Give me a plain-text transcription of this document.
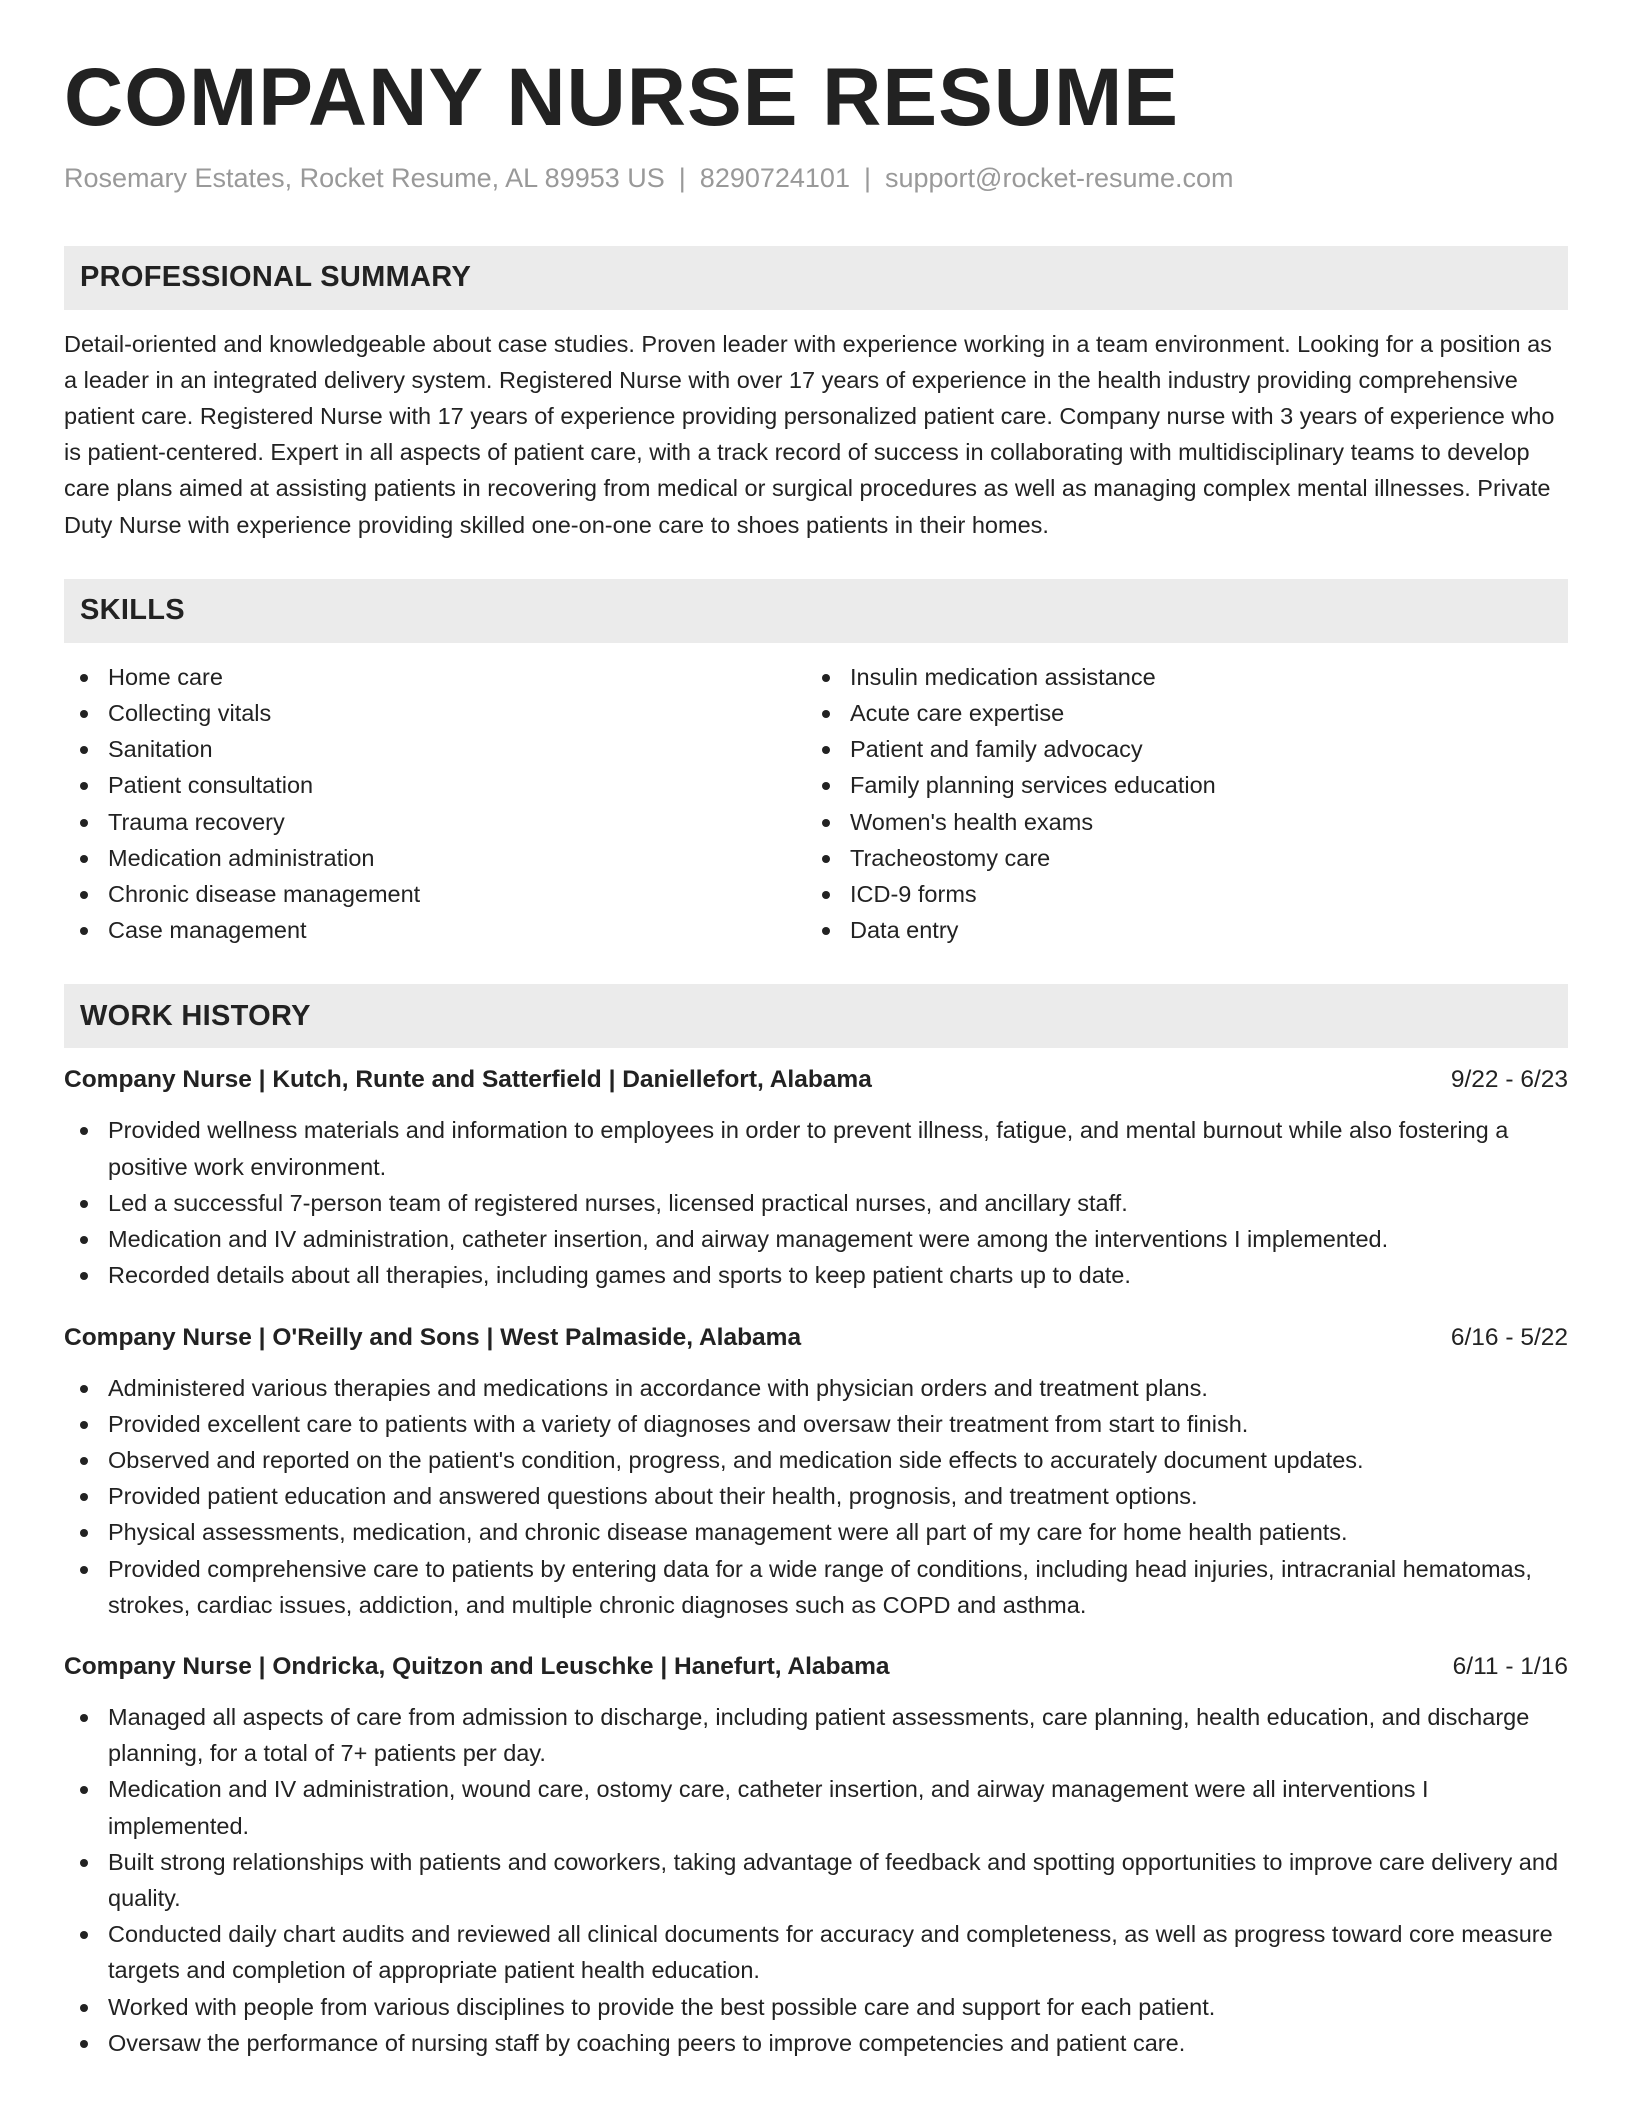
COMPANY NURSE RESUME
Rosemary Estates, Rocket Resume, AL 89953 US | 8290724101 | support@rocket-resume.com
PROFESSIONAL SUMMARY

Detail-oriented and knowledgeable about case studies. Proven leader with experience working in a team environment. Looking for a position as a leader in an integrated delivery system. Registered Nurse with over 17 years of experience in the health industry providing comprehensive patient care. Registered Nurse with 17 years of experience providing personalized patient care. Company nurse with 3 years of experience who is patient-centered. Expert in all aspects of patient care, with a track record of success in collaborating with multidisciplinary teams to develop care plans aimed at assisting patients in recovering from medical or surgical procedures as well as managing complex mental illnesses. Private Duty Nurse with experience providing skilled one-on-one care to shoes patients in their homes.

SKILLS
Home care
Collecting vitals
Sanitation
Patient consultation
Trauma recovery
Medication administration
Chronic disease management
Case management
Insulin medication assistance
Acute care expertise
Patient and family advocacy
Family planning services education
Women's health exams
Tracheostomy care
ICD-9 forms
Data entry
WORK HISTORY
Company Nurse | Kutch, Runte and Satterfield | Daniellefort, Alabama	9/22 - 6/23
Provided wellness materials and information to employees in order to prevent illness, fatigue, and mental burnout while also fostering a positive work environment.
Led a successful 7-person team of registered nurses, licensed practical nurses, and ancillary staff.
Medication and IV administration, catheter insertion, and airway management were among the interventions I implemented.
Recorded details about all therapies, including games and sports to keep patient charts up to date.
Company Nurse | O'Reilly and Sons | West Palmaside, Alabama	6/16 - 5/22
Administered various therapies and medications in accordance with physician orders and treatment plans.
Provided excellent care to patients with a variety of diagnoses and oversaw their treatment from start to finish.
Observed and reported on the patient's condition, progress, and medication side effects to accurately document updates.
Provided patient education and answered questions about their health, prognosis, and treatment options.
Physical assessments, medication, and chronic disease management were all part of my care for home health patients.
Provided comprehensive care to patients by entering data for a wide range of conditions, including head injuries, intracranial hematomas, strokes, cardiac issues, addiction, and multiple chronic diagnoses such as COPD and asthma.
Company Nurse | Ondricka, Quitzon and Leuschke | Hanefurt, Alabama	6/11 - 1/16
Managed all aspects of care from admission to discharge, including patient assessments, care planning, health education, and discharge planning, for a total of 7+ patients per day.
Medication and IV administration, wound care, ostomy care, catheter insertion, and airway management were all interventions I implemented.
Built strong relationships with patients and coworkers, taking advantage of feedback and spotting opportunities to improve care delivery and quality.
Conducted daily chart audits and reviewed all clinical documents for accuracy and completeness, as well as progress toward core measure targets and completion of appropriate patient health education.
Worked with people from various disciplines to provide the best possible care and support for each patient.
Oversaw the performance of nursing staff by coaching peers to improve competencies and patient care.
